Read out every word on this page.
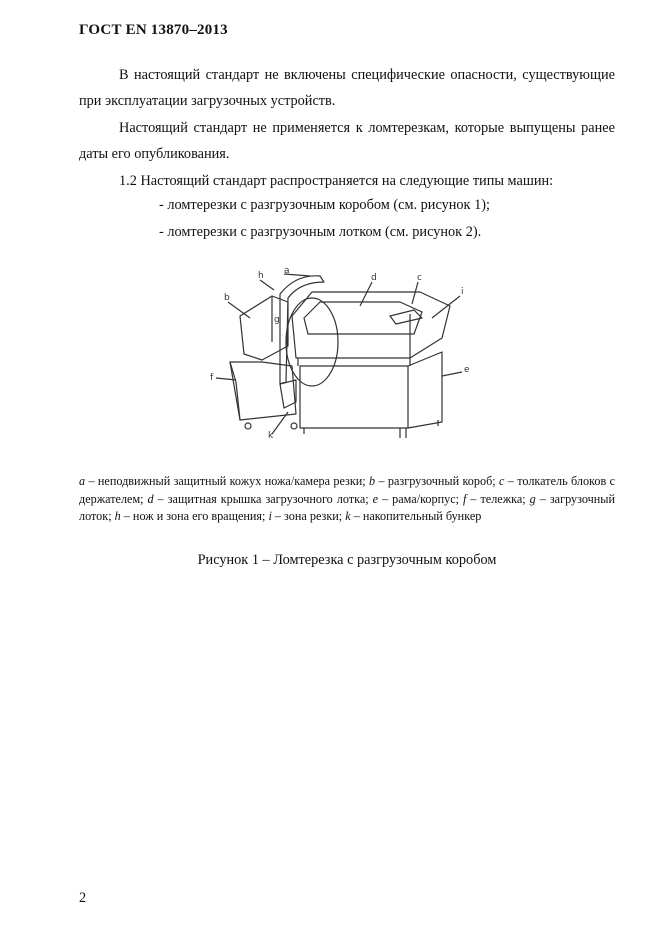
ГОСТ EN 13870–2013
В настоящий стандарт не включены специфические опасности, существующие при эксплуатации загрузочных устройств.
Настоящий стандарт не применяется к ломтерезкам, которые выпущены ранее даты его опубликования.
1.2 Настоящий стандарт распространяется на следующие типы машин:
- ломтерезки с разгрузочным коробом (см. рисунок 1);
- ломтерезки с разгрузочным лотком (см. рисунок 2).
h a
d	c
i
b
f
e
k
g
a – неподвижный защитный кожух ножа/камера резки; b – разгрузочный короб; c – толкатель блоков с держателем; d – защитная крышка загрузочного лотка; e – рама/корпус; f – тележка; g – загрузочный лоток; h – нож и зона его вращения; i – зона резки; k – накопительный бункер
Рисунок 1 – Ломтерезка с разгрузочным коробом
2
